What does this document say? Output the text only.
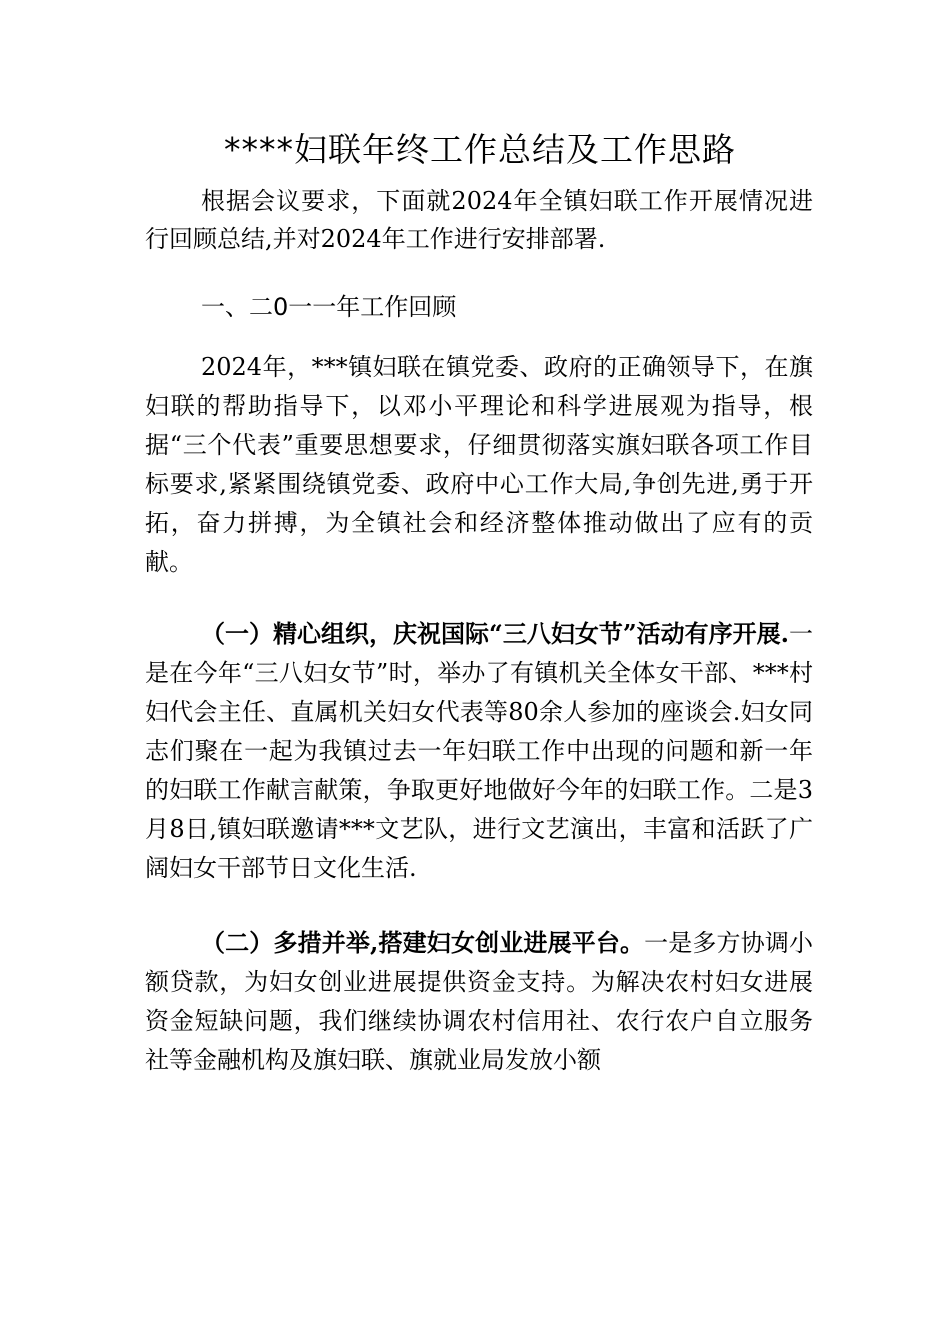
****妇联年终工作总结及工作思路

根据会议要求，下面就2024年全镇妇联工作开展情况进行回顾总结,并对2024年工作进行安排部署.

一、二0一一年工作回顾

2024年，***镇妇联在镇党委、政府的正确领导下，在旗妇联的帮助指导下，以邓小平理论和科学进展观为指导，根据“三个代表”重要思想要求，仔细贯彻落实旗妇联各项工作目标要求,紧紧围绕镇党委、政府中心工作大局,争创先进,勇于开拓，奋力拼搏，为全镇社会和经济整体推动做出了应有的贡献。

（一）精心组织，庆祝国际“三八妇女节”活动有序开展.一是在今年“三八妇女节”时，举办了有镇机关全体女干部、***村妇代会主任、直属机关妇女代表等80余人参加的座谈会.妇女同志们聚在一起为我镇过去一年妇联工作中出现的问题和新一年的妇联工作献言献策，争取更好地做好今年的妇联工作。二是3月8日,镇妇联邀请***文艺队，进行文艺演出，丰富和活跃了广阔妇女干部节日文化生活.

（二）多措并举,搭建妇女创业进展平台。一是多方协调小额贷款，为妇女创业进展提供资金支持。为解决农村妇女进展资金短缺问题，我们继续协调农村信用社、农行农户自立服务社等金融机构及旗妇联、旗就业局发放小额
